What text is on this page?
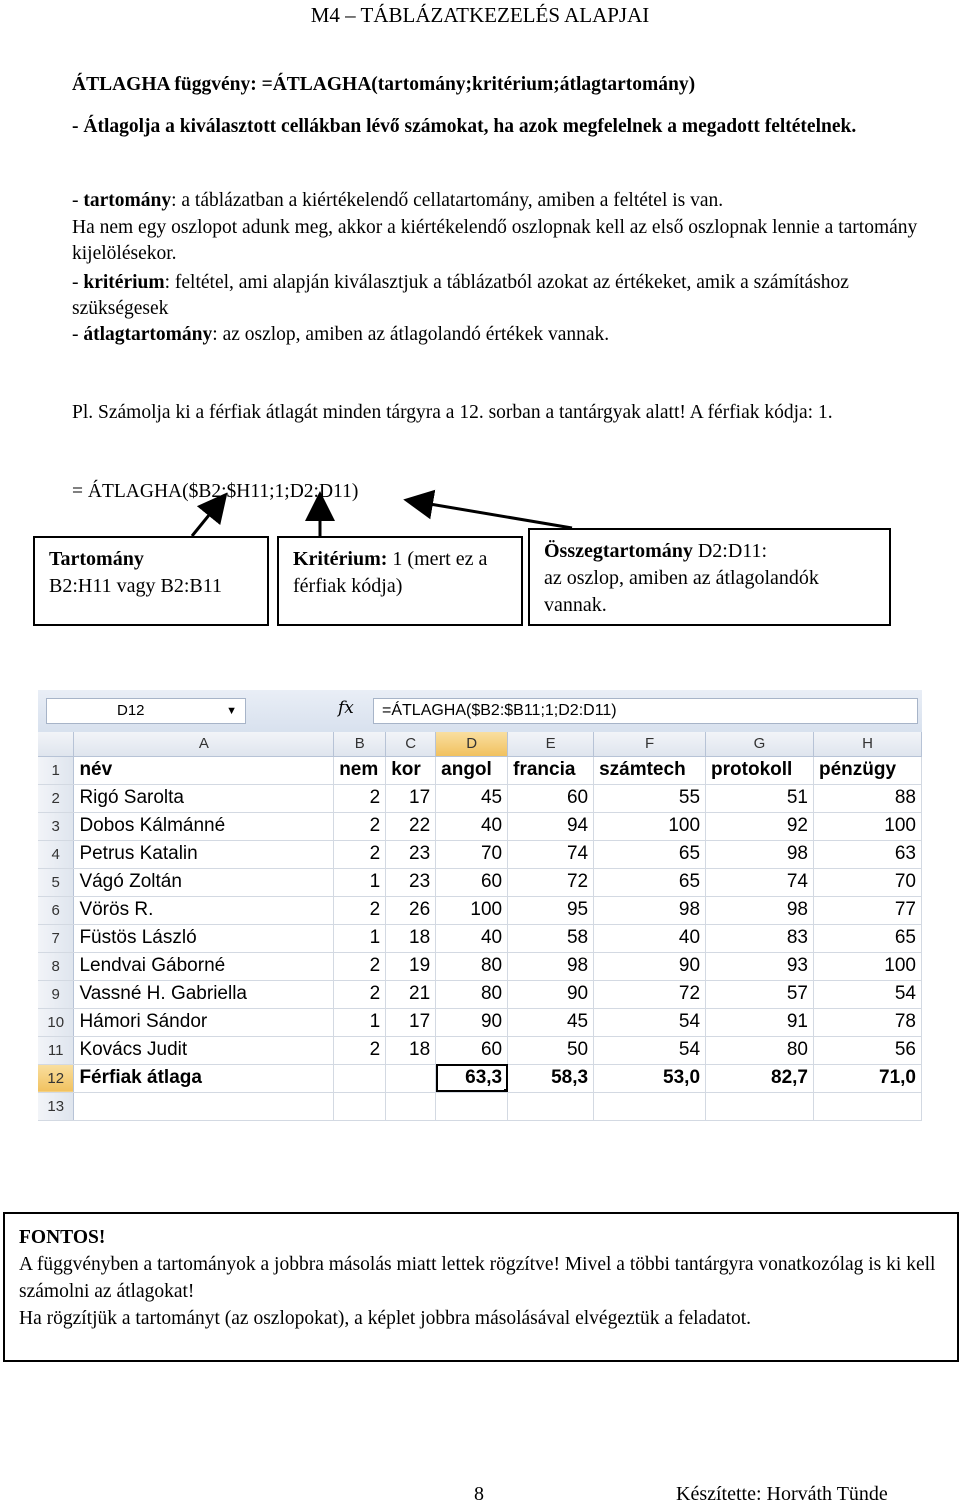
M4 – TÁBLÁZATKEZELÉS ALAPJAI
ÁTLAGHA függvény: =ÁTLAGHA(tartomány;kritérium;átlagtartomány)
- Átlagolja a kiválasztott cellákban lévő számokat, ha azok megfelelnek a megadott feltételnek.
- tartomány: a táblázatban a kiértékelendő cellatartomány, amiben a feltétel is van.
Ha nem egy oszlopot adunk meg, akkor a kiértékelendő oszlopnak kell az első oszlopnak lennie a tartomány kijelölésekor.
- kritérium: feltétel, ami alapján kiválasztjuk a táblázatból azokat az értékeket, amik a számításhoz szükségesek
- átlagtartomány: az oszlop, amiben az átlagolandó értékek vannak.
Pl. Számolja ki a férfiak átlagát minden tárgyra a 12. sorban a tantárgyak alatt! A férfiak kódja: 1.
= ÁTLAGHA($B2:$H11;1;D2:D11)
Tartomány
B2:H11 vagy B2:B11
Kritérium: 1 (mert ez a férfiak kódja)
Összegtartomány D2:D11:
az oszlop, amiben az átlagolandók vannak.
D12	▼	fx	=ÁTLAGHA($B2:$B11;1;D2:D11)
	A	B	C	D	E	F	G	H
1	név	nem	kor	angol	francia	számtech	protokoll	pénzügy
2	Rigó Sarolta	2	17	45	60	55	51	88
3	Dobos Kálmánné	2	22	40	94	100	92	100
4	Petrus Katalin	2	23	70	74	65	98	63
5	Vágó Zoltán	1	23	60	72	65	74	70
6	Vörös R.	2	26	100	95	98	98	77
7	Füstös László	1	18	40	58	40	83	65
8	Lendvai Gáborné	2	19	80	98	90	93	100
9	Vassné H. Gabriella	2	21	80	90	72	57	54
10	Hámori Sándor	1	17	90	45	54	91	78
11	Kovács Judit	2	18	60	50	54	80	56
12	Férfiak átlaga			63,3	58,3	53,0	82,7	71,0
13								
FONTOS!
A függvényben a tartományok a jobbra másolás miatt lettek rögzítve! Mivel a többi tantárgyra vonatkozólag is ki kell számolni az átlagokat!
Ha rögzítjük a tartományt (az oszlopokat), a képlet jobbra másolásával elvégeztük a feladatot.
8	Készítette: Horváth Tünde
